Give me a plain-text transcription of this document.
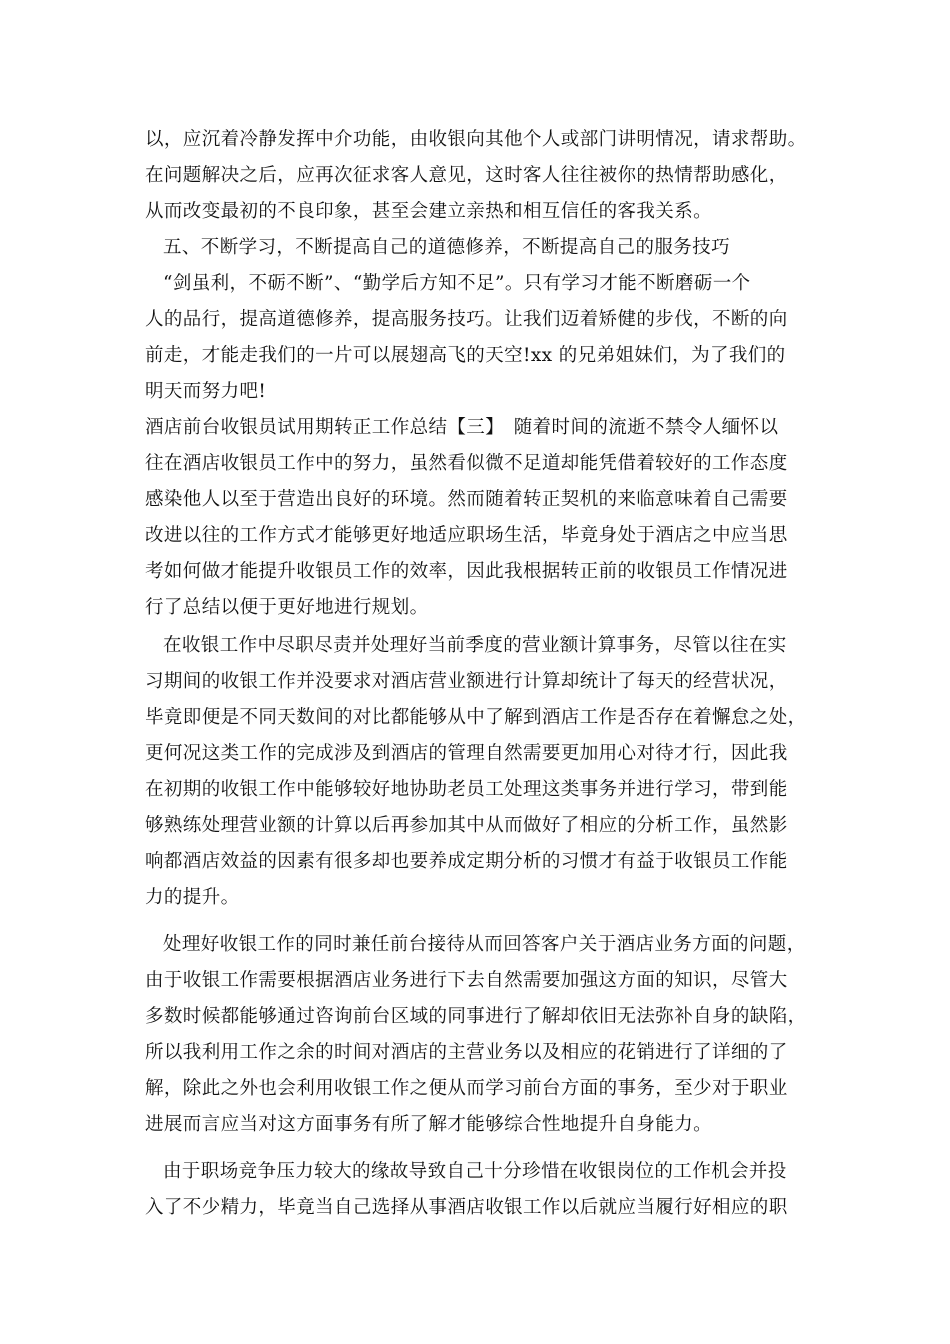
以，应沉着冷静发挥中介功能，由收银向其他个人或部门讲明情况，请求帮助。
在问题解决之后，应再次征求客人意见，这时客人往往被你的热情帮助感化，
从而改变最初的不良印象，甚至会建立亲热和相互信任的客我关系。
五、不断学习，不断提高自己的道德修养，不断提高自己的服务技巧
“剑虽利，不砺不断”、“勤学后方知不足”。只有学习才能不断磨砺一个
人的品行，提高道德修养，提高服务技巧。让我们迈着矫健的步伐，不断的向
前走，才能走我们的一片可以展翅高飞的天空!xx 的兄弟姐妹们，为了我们的
明天而努力吧!
酒店前台收银员试用期转正工作总结【三】　随着时间的流逝不禁令人缅怀以
往在酒店收银员工作中的努力，虽然看似微不足道却能凭借着较好的工作态度
感染他人以至于营造出良好的环境。然而随着转正契机的来临意味着自己需要
改进以往的工作方式才能够更好地适应职场生活，毕竟身处于酒店之中应当思
考如何做才能提升收银员工作的效率，因此我根据转正前的收银员工作情况进
行了总结以便于更好地进行规划。
在收银工作中尽职尽责并处理好当前季度的营业额计算事务，尽管以往在实
习期间的收银工作并没要求对酒店营业额进行计算却统计了每天的经营状况，
毕竟即便是不同天数间的对比都能够从中了解到酒店工作是否存在着懈怠之处，
更何况这类工作的完成涉及到酒店的管理自然需要更加用心对待才行，因此我
在初期的收银工作中能够较好地协助老员工处理这类事务并进行学习，带到能
够熟练处理营业额的计算以后再参加其中从而做好了相应的分析工作，虽然影
响都酒店效益的因素有很多却也要养成定期分析的习惯才有益于收银员工作能
力的提升。
处理好收银工作的同时兼任前台接待从而回答客户关于酒店业务方面的问题，
由于收银工作需要根据酒店业务进行下去自然需要加强这方面的知识，尽管大
多数时候都能够通过咨询前台区域的同事进行了解却依旧无法弥补自身的缺陷，
所以我利用工作之余的时间对酒店的主营业务以及相应的花销进行了详细的了
解，除此之外也会利用收银工作之便从而学习前台方面的事务，至少对于职业
进展而言应当对这方面事务有所了解才能够综合性地提升自身能力。
由于职场竞争压力较大的缘故导致自己十分珍惜在收银岗位的工作机会并投
入了不少精力，毕竟当自己选择从事酒店收银工作以后就应当履行好相应的职
